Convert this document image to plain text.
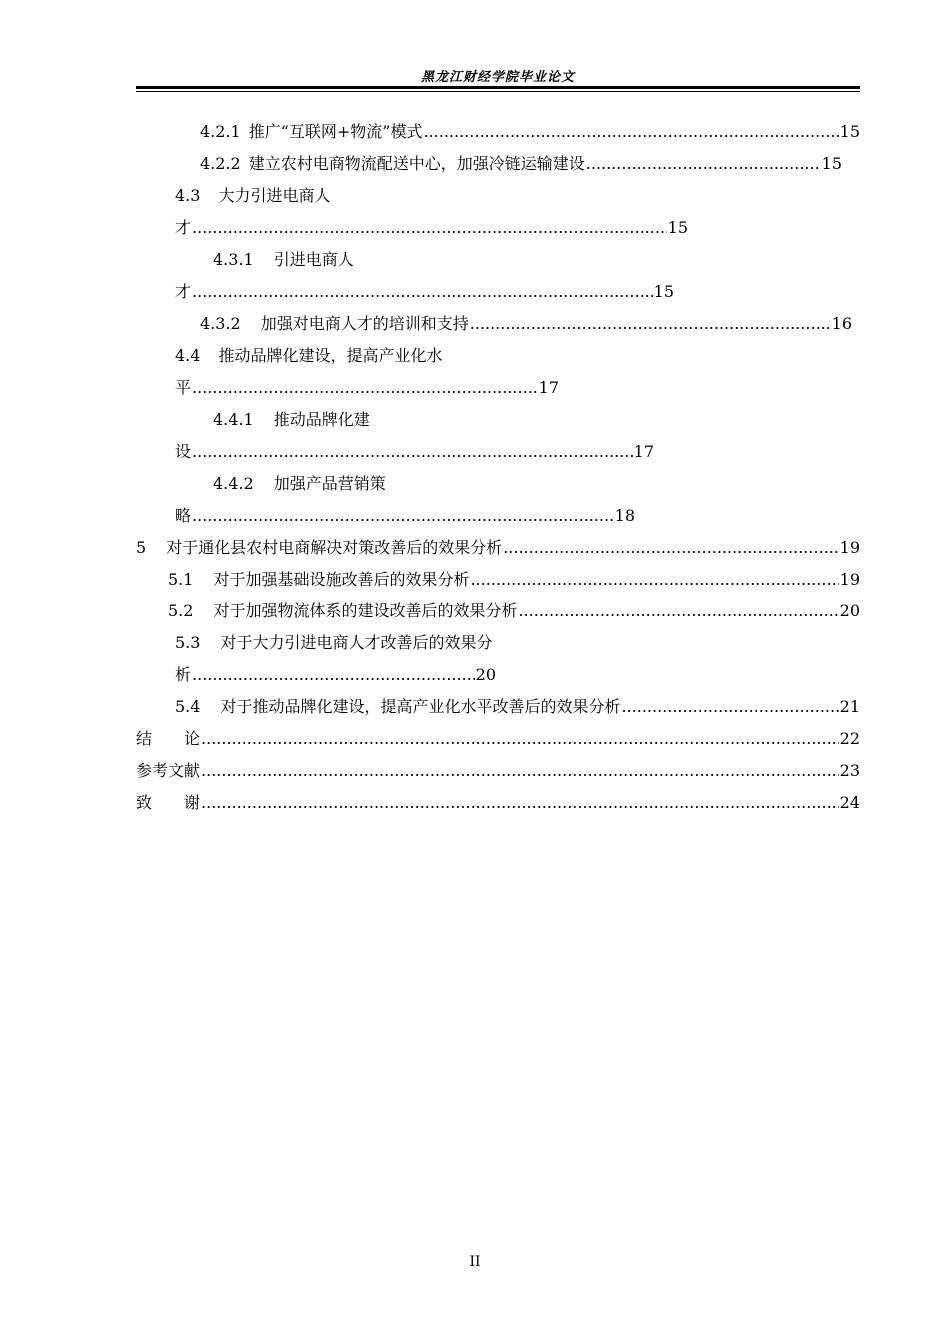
黑龙江财经学院毕业论文
4.2.1 推广“互联网+物流”模式 .....	15
4.2.2 建立农村电商物流配送中心，加强冷链运输建设 .....	15
4.3 大力引进电商人
才 .....	15
4.3.1 引进电商人
才 .....	15
4.3.2 加强对电商人才的培训和支持 .....	16
4.4 推动品牌化建设，提高产业化水
平 .....	17
4.4.1 推动品牌化建
设 .....	17
4.4.2 加强产品营销策
略 .....	18
5 对于通化县农村电商解决对策改善后的效果分析 .....	19
5.1 对于加强基础设施改善后的效果分析 .....	19
5.2 对于加强物流体系的建设改善后的效果分析 .....	20
5.3 对于大力引进电商人才改善后的效果分
析 .....	20
5.4 对于推动品牌化建设，提高产业化水平改善后的效果分析 .....	21
结　　论 .....	22
参考文献 .....	23
致　　谢 .....	24
II
